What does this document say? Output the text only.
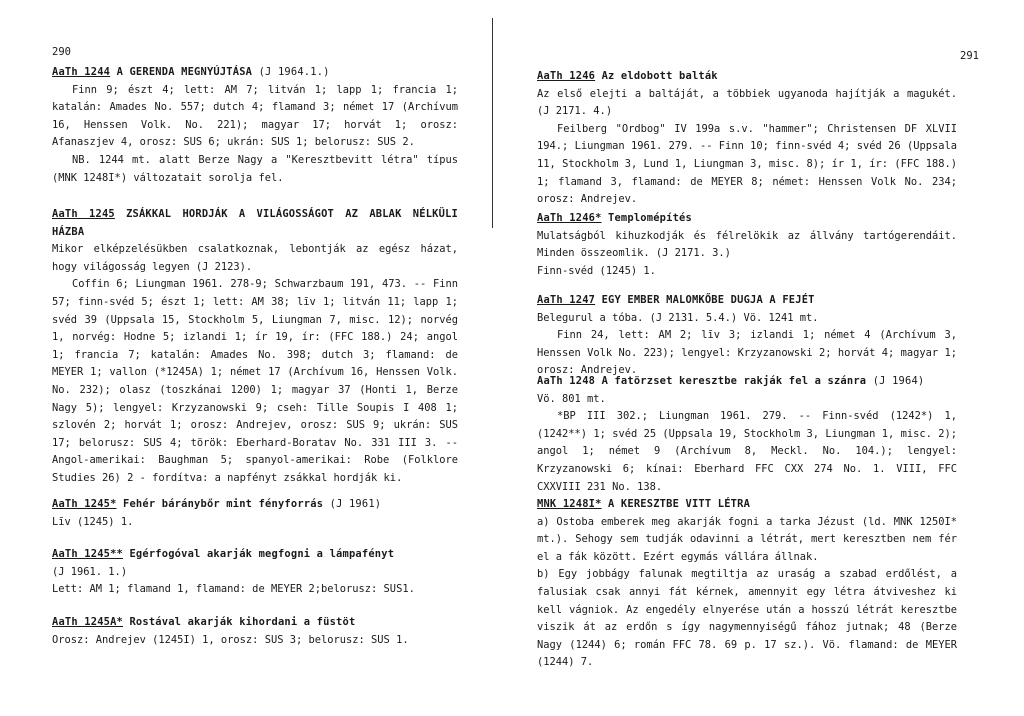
290

AaTh 1244 A GERENDA MEGNYÚJTÁSA (J 1964.1.)

Finn 9; észt 4; lett: AM 7; litván 1; lapp 1; francia 1; katalán: Amades No. 557; dutch 4; flamand 3; német 17 (Archívum 16, Henssen Volk. No. 221); magyar 17; horvát 1; orosz: Afanaszjev 4, orosz: SUS 6; ukrán: SUS 1; belorusz: SUS 2.

NB. 1244 mt. alatt Berze Nagy a "Keresztbevitt létra" típus (MNK 1248I*) változatait sorolja fel.

AaTh 1245 ZSÁKKAL HORDJÁK A VILÁGOSSÁGOT AZ ABLAK NÉLKÜLI HÁZBA

Mikor elképzelésükben csalatkoznak, lebontják az egész házat, hogy világosság legyen (J 2123).

Coffin 6; Liungman 1961. 278-9; Schwarzbaum 191, 473. -- Finn 57; finn-svéd 5; észt 1; lett: AM 38; līv 1; litván 11; lapp 1; svéd 39 (Uppsala 15, Stockholm 5, Liungman 7, misc. 12); norvég 1, norvég: Hodne 5; izlandi 1; ír 19, ír: (FFC 188.) 24; angol 1; francia 7; katalán: Amades No. 398; dutch 3; flamand: de MEYER 1; vallon (*1245A) 1; német 17 (Archívum 16, Henssen Volk. No. 232); olasz (toszkánai 1200) 1; magyar 37 (Honti 1, Berze Nagy 5); lengyel: Krzyzanowski 9; cseh: Tille Soupis I 408 1; szlovén 2; horvát 1; orosz: Andrejev, orosz: SUS 9; ukrán: SUS 17; belorusz: SUS 4; török: Eberhard-Boratav No. 331 III 3. -- Angol-amerikai: Baughman 5; spanyol-amerikai: Robe (Folklore Studies 26) 2 - fordítva: a napfényt zsákkal hordják ki.

AaTh 1245* Fehér báránybőr mint fényforrás (J 1961)

Līv (1245) 1.

AaTh 1245** Egérfogóval akarják megfogni a lámpafényt

(J 1961. 1.)

Lett: AM 1; flamand 1, flamand: de MEYER 2;belorusz: SUS1.

AaTh 1245A* Rostával akarják kihordani a füstöt

Orosz: Andrejev (1245I) 1, orosz: SUS 3; belorusz: SUS 1.

291

AaTh 1246 Az eldobott balták

Az első elejti a baltáját, a többiek ugyanoda hajítják a magukét. (J 2171. 4.)

Feilberg "Ordbog" IV 199a s.v. "hammer"; Christensen DF XLVII 194.; Liungman 1961. 279. -- Finn 10; finn-svéd 4; svéd 26 (Uppsala 11, Stockholm 3, Lund 1, Liungman 3, misc. 8); ír 1, ír: (FFC 188.) 1; flamand 3, flamand: de MEYER 8; német: Henssen Volk No. 234; orosz: Andrejev.

AaTh 1246* Templomépítés

Mulatságból kihuzkodják és félrelökik az állvány tartógerendáit. Minden összeomlik. (J 2171. 3.)

Finn-svéd (1245) 1.

AaTh 1247 EGY EMBER MALOMKŐBE DUGJA A FEJÉT

Belegurul a tóba. (J 2131. 5.4.) Vö. 1241 mt.

Finn 24, lett: AM 2; līv 3; izlandi 1; német 4 (Archívum 3, Henssen Volk No. 223); lengyel: Krzyzanowski 2; horvát 4; magyar 1; orosz: Andrejev.

AaTh 1248 A fatörzset keresztbe rakják fel a szánra (J 1964)

Vö. 801 mt.

*BP III 302.; Liungman 1961. 279. -- Finn-svéd (1242*) 1, (1242**) 1; svéd 25 (Uppsala 19, Stockholm 3, Liungman 1, misc. 2); angol 1; német 9 (Archívum 8, Meckl. No. 104.); lengyel: Krzyzanowski 6; kínai: Eberhard FFC CXX 274 No. 1. VIII, FFC CXXVIII 231 No. 138.

MNK 1248I* A KERESZTBE VITT LÉTRA

a) Ostoba emberek meg akarják fogni a tarka Jézust (ld. MNK 1250I* mt.). Sehogy sem tudják odavinni a létrát, mert keresztben nem fér el a fák között. Ezért egymás vállára állnak.

b) Egy jobbágy falunak megtiltja az uraság a szabad erdőlést, a falusiak csak annyi fát kérnek, amennyit egy létra átviveshez ki kell vágniok. Az engedély elnyerése után a hosszú létrát keresztbe viszik át az erdőn s így nagymennyiségű fához jutnak; 48 (Berze Nagy (1244) 6; román FFC 78. 69 p. 17 sz.). Vö. flamand: de MEYER (1244) 7.
